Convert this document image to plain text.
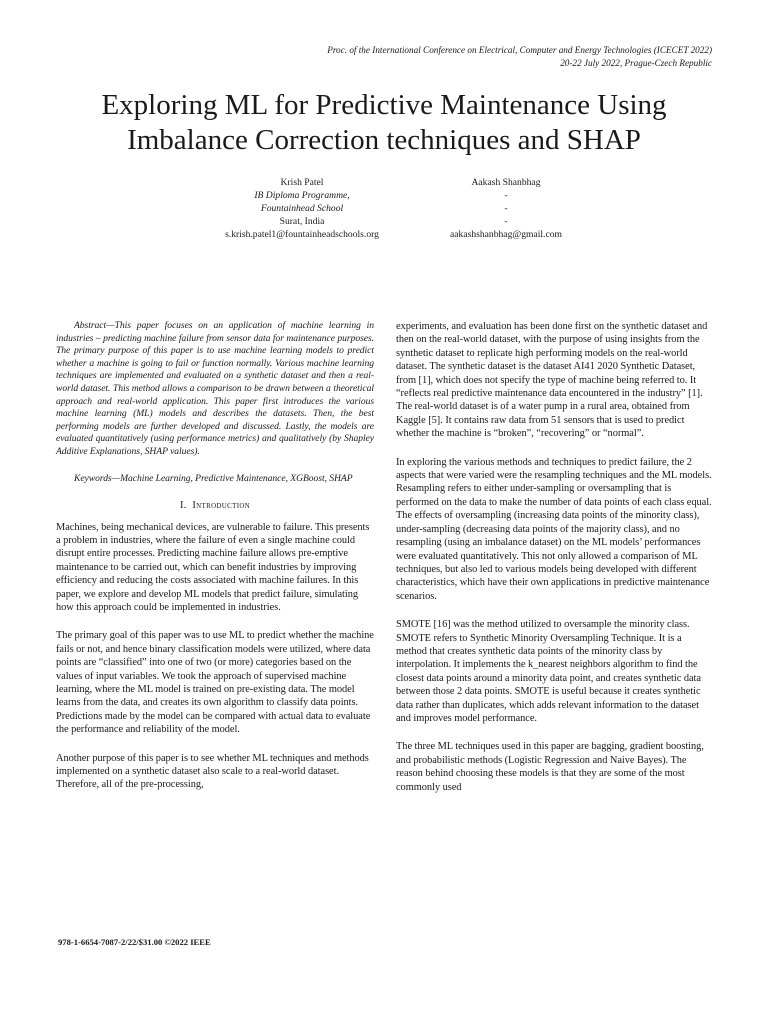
Proc. of the International Conference on Electrical, Computer and Energy Technologies (ICECET 2022)
20-22 July 2022, Prague-Czech Republic
Exploring ML for Predictive Maintenance Using
Imbalance Correction techniques and SHAP
Krish Patel
IB Diploma Programme,
Fountainhead School
Surat, India
s.krish.patel1@fountainheadschools.org
Aakash Shanbhag
-
-
-
aakashshanbhag@gmail.com

Abstract—This paper focuses on an application of machine learning in industries – predicting machine failure from sensor data for maintenance purposes. The primary purpose of this paper is to use machine learning models to predict whether a machine is going to fail or function normally. Various machine learning techniques are implemented and evaluated on a synthetic dataset and then a real-world dataset. This method allows a comparison to be drawn between a theoretical approach and real-world application. This paper first introduces the various machine learning (ML) models and describes the datasets. Then, the best performing models are further developed and discussed. Lastly, the models are evaluated quantitatively (using performance metrics) and qualitatively (by Shapley Additive Explanations, SHAP values).

Keywords—Machine Learning, Predictive Maintenance, XGBoost, SHAP

I. Introduction

Machines, being mechanical devices, are vulnerable to failure. This presents a problem in industries, where the failure of even a single machine could disrupt entire processes. Predicting machine failure allows pre-emptive maintenance to be carried out, which can benefit industries by improving efficiency and reducing the costs associated with machine failures. In this paper, we explore and develop ML models that predict failure, simulating how this approach could be implemented in industries.

The primary goal of this paper was to use ML to predict whether the machine fails or not, and hence binary classification models were utilized, where data points are “classified” into one of two (or more) categories based on the values of input variables. We took the approach of supervised machine learning, where the ML model is trained on pre-existing data. The model learns from the data, and creates its own algorithm to classify data points. Predictions made by the model can be compared with actual data to evaluate the performance and reliability of the model.

Another purpose of this paper is to see whether ML techniques and methods implemented on a synthetic dataset also scale to a real-world dataset. Therefore, all of the pre-processing,

experiments, and evaluation has been done first on the synthetic dataset and then on the real-world dataset, with the purpose of using insights from the synthetic dataset to replicate high performing models on the real-world dataset. The synthetic dataset is the dataset AI41 2020 Synthetic Dataset, from [1], which does not specify the type of machine being referred to. It “reflects real predictive maintenance data encountered in the industry” [1]. The real-world dataset is of a water pump in a rural area, obtained from Kaggle [5]. It contains raw data from 51 sensors that is used to predict whether the machine is “broken”, “recovering” or “normal”.

In exploring the various methods and techniques to predict failure, the 2 aspects that were varied were the resampling techniques and the ML models. Resampling refers to either under-sampling or oversampling that is performed on the data to make the number of data points of each class equal. The effects of oversampling (increasing data points of the minority class), under-sampling (decreasing data points of the majority class), and no resampling (using an imbalance dataset) on the ML models’ performances were evaluated quantitatively. This not only allowed a comparison of ML techniques, but also led to various models being developed with different characteristics, which have their own applications in predictive maintenance scenarios.

SMOTE [16] was the method utilized to oversample the minority class. SMOTE refers to Synthetic Minority Oversampling Technique. It is a method that creates synthetic data points of the minority class by interpolation. It implements the k_nearest neighbors algorithm to find the closest data points around a minority data point, and creates synthetic data between those 2 data points. SMOTE is useful because it creates synthetic data rather than duplicates, which adds relevant information to the dataset and improves model performance.

The three ML techniques used in this paper are bagging, gradient boosting, and probabilistic methods (Logistic Regression and Naive Bayes). The reason behind choosing these models is that they are some of the most commonly used

978-1-6654-7087-2/22/$31.00 ©2022 IEEE
